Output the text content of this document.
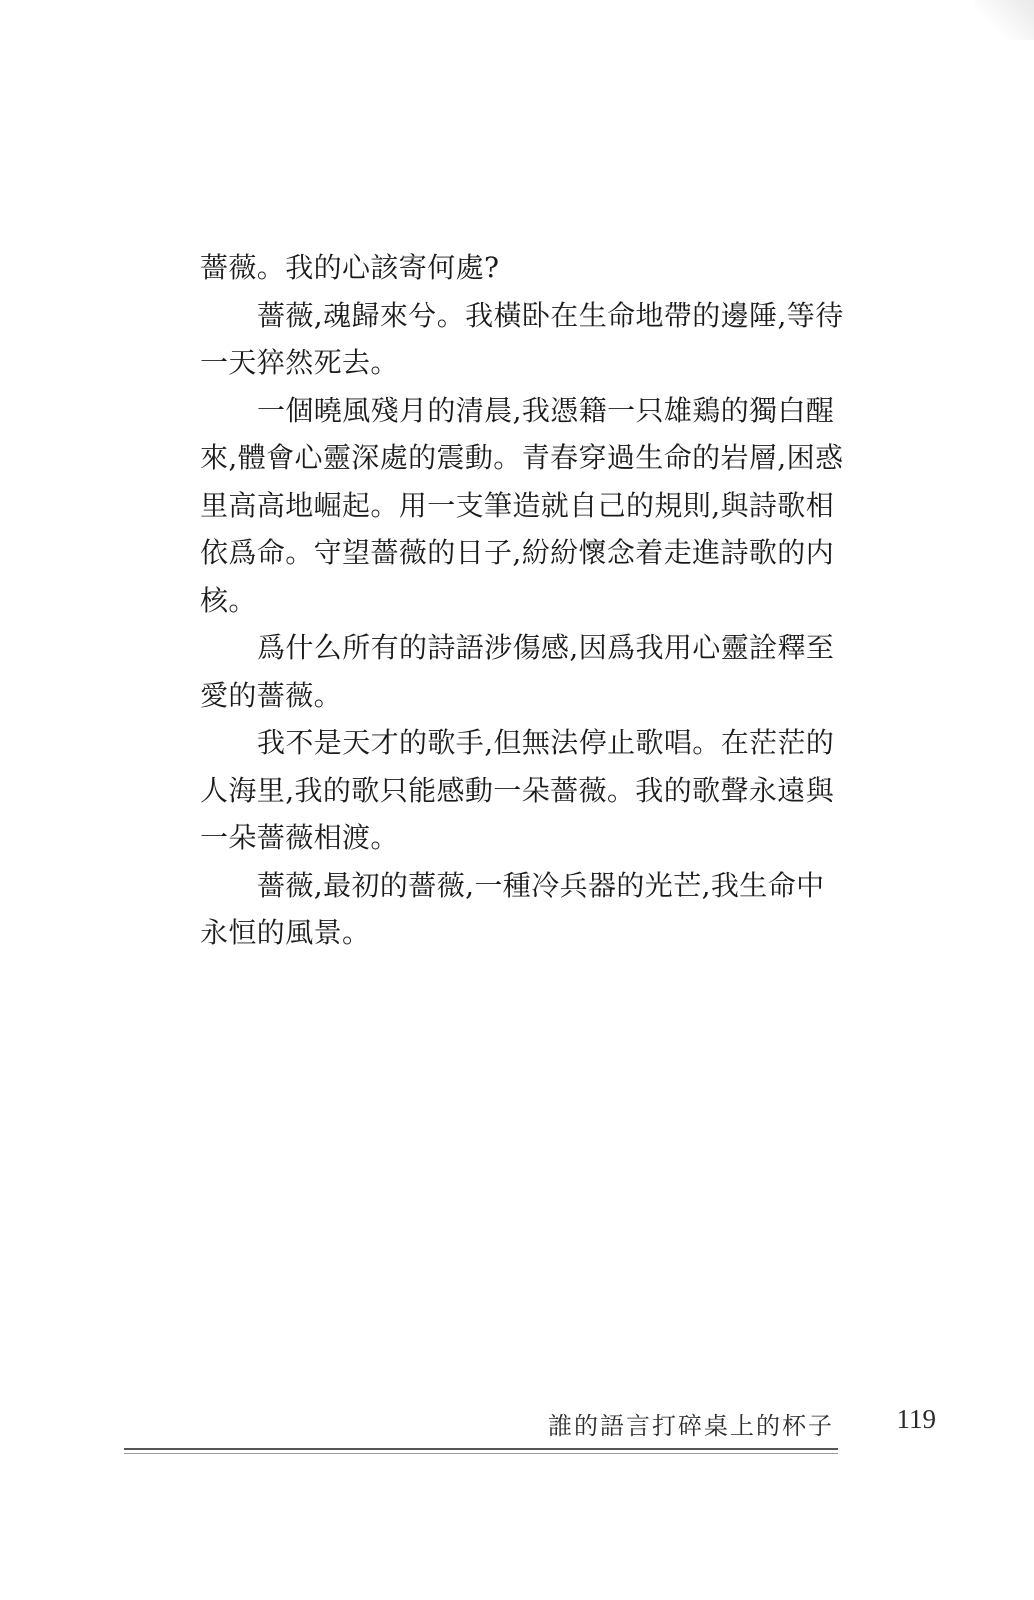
薔薇。我的心該寄何處?

薔薇,魂歸來兮。我橫卧在生命地帶的邊陲,等待
一天猝然死去。

一個曉風殘月的清晨,我憑籍一只雄鶏的獨白醒
來,體會心靈深處的震動。青春穿過生命的岩層,困惑
里高高地崛起。用一支筆造就自己的規則,與詩歌相
依爲命。守望薔薇的日子,紛紛懷念着走進詩歌的内
核。

爲什么所有的詩語涉傷感,因爲我用心靈詮釋至
愛的薔薇。

我不是天才的歌手,但無法停止歌唱。在茫茫的
人海里,我的歌只能感動一朵薔薇。我的歌聲永遠與
一朵薔薇相渡。

薔薇,最初的薔薇,一種冷兵器的光芒,我生命中
永恒的風景。

誰的語言打碎桌上的杯子	119
